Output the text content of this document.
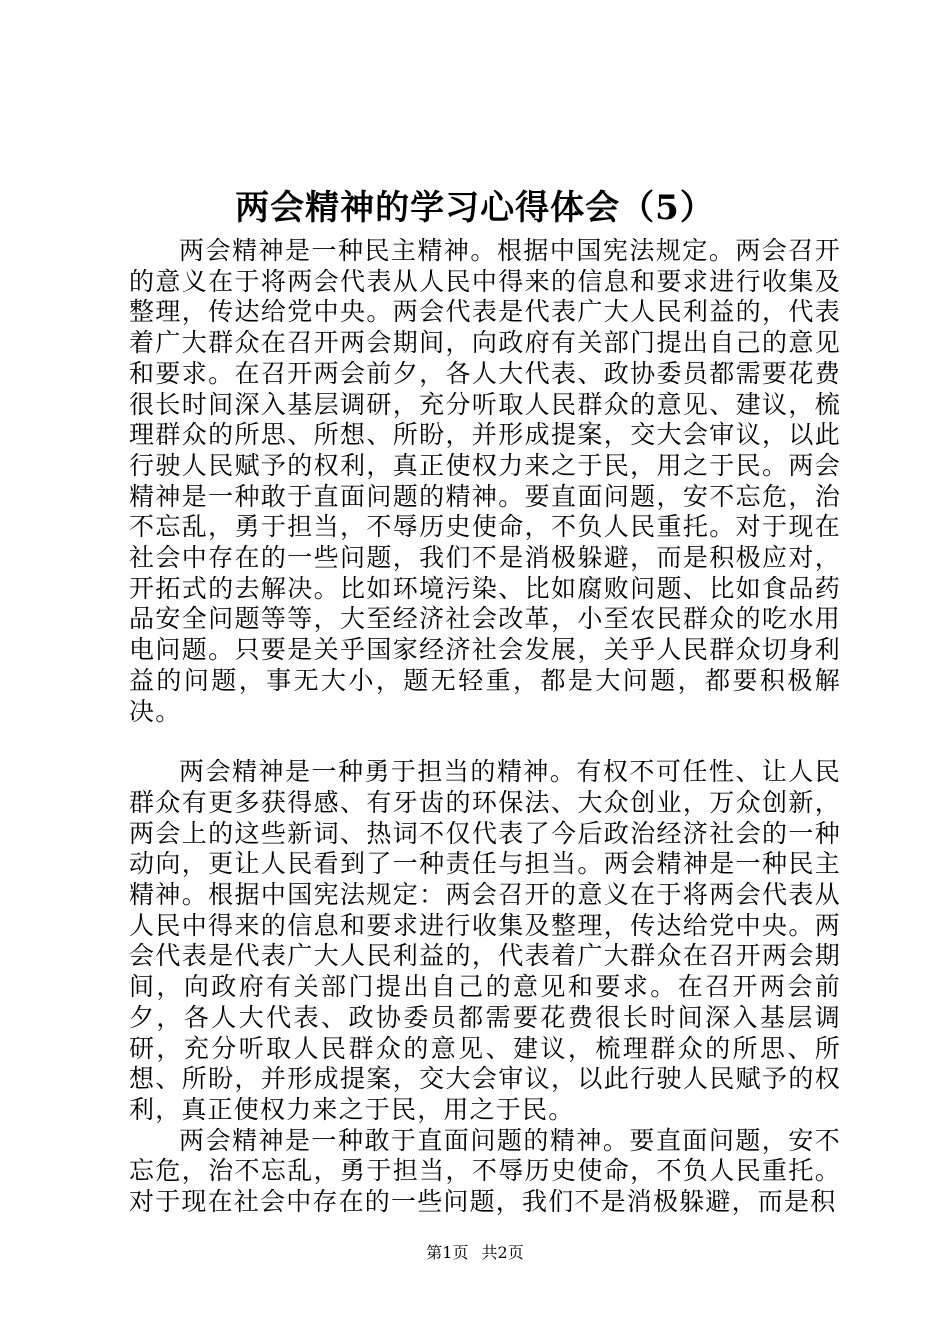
两会精神的学习心得体会（5）

两会精神是一种民主精神。根据中国宪法规定。两会召开的意义在于将两会代表从人民中得来的信息和要求进行收集及整理，传达给党中央。两会代表是代表广大人民利益的，代表着广大群众在召开两会期间，向政府有关部门提出自己的意见和要求。在召开两会前夕，各人大代表、政协委员都需要花费很长时间深入基层调研，充分听取人民群众的意见、建议，梳理群众的所思、所想、所盼，并形成提案，交大会审议，以此行驶人民赋予的权利，真正使权力来之于民，用之于民。两会精神是一种敢于直面问题的精神。要直面问题，安不忘危，治不忘乱，勇于担当，不辱历史使命，不负人民重托。对于现在社会中存在的一些问题，我们不是消极躲避，而是积极应对，开拓式的去解决。比如环境污染、比如腐败问题、比如食品药品安全问题等等，大至经济社会改革，小至农民群众的吃水用电问题。只要是关乎国家经济社会发展，关乎人民群众切身利益的问题，事无大小，题无轻重，都是大问题，都要积极解决。

两会精神是一种勇于担当的精神。有权不可任性、让人民群众有更多获得感、有牙齿的环保法、大众创业，万众创新，两会上的这些新词、热词不仅代表了今后政治经济社会的一种动向，更让人民看到了一种责任与担当。两会精神是一种民主精神。根据中国宪法规定：两会召开的意义在于将两会代表从人民中得来的信息和要求进行收集及整理，传达给党中央。两会代表是代表广大人民利益的，代表着广大群众在召开两会期间，向政府有关部门提出自己的意见和要求。在召开两会前夕，各人大代表、政协委员都需要花费很长时间深入基层调研，充分听取人民群众的意见、建议，梳理群众的所思、所想、所盼，并形成提案，交大会审议，以此行驶人民赋予的权利，真正使权力来之于民，用之于民。

两会精神是一种敢于直面问题的精神。要直面问题，安不忘危，治不忘乱，勇于担当，不辱历史使命，不负人民重托。对于现在社会中存在的一些问题，我们不是消极躲避，而是积

第1页 共2页
